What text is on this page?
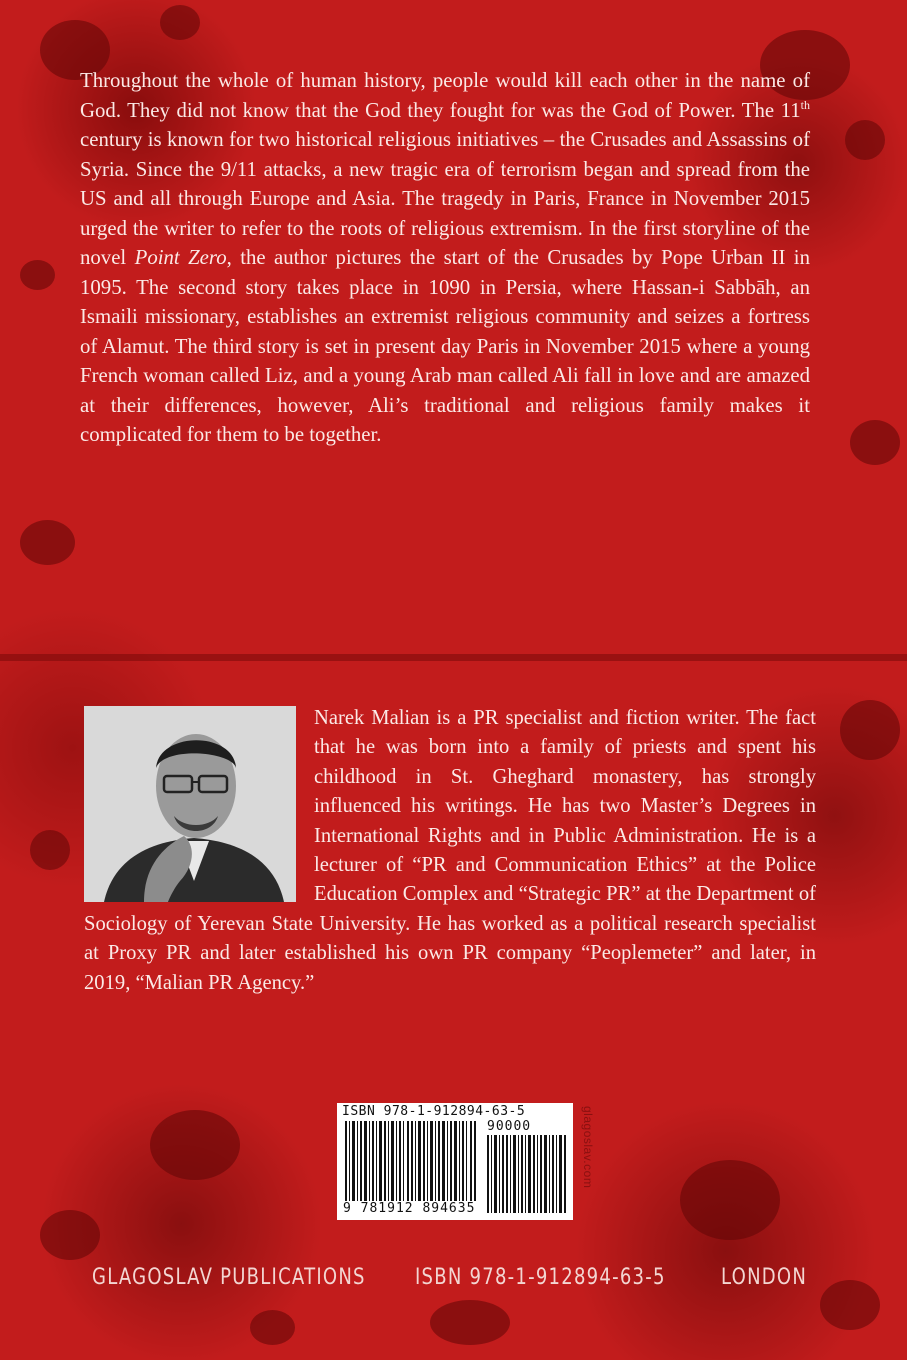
Throughout the whole of human history, people would kill each other in the name of God. They did not know that the God they fought for was the God of Power. The 11th century is known for two historical religious initiatives – the Crusades and Assassins of Syria. Since the 9/11 attacks, a new tragic era of terrorism began and spread from the US and all through Europe and Asia. The tragedy in Paris, France in November 2015 urged the writer to refer to the roots of religious extremism. In the first storyline of the novel Point Zero, the author pictures the start of the Crusades by Pope Urban II in 1095. The second story takes place in 1090 in Persia, where Hassan-i Sabbāh, an Ismaili missionary, establishes an extremist religious community and seizes a fortress of Alamut. The third story is set in present day Paris in November 2015 where a young French woman called Liz, and a young Arab man called Ali fall in love and are amazed at their differences, however, Ali’s traditional and religious family makes it complicated for them to be together.
Narek Malian is a PR specialist and fiction writer. The fact that he was born into a family of priests and spent his childhood in St. Gheghard monastery, has strongly influenced his writings. He has two Master’s Degrees in International Rights and in Public Administration. He is a lecturer of “PR and Communication Ethics” at the Police Education Complex and “Strategic PR” at the Department of Sociology of Yerevan State University. He has worked as a political research specialist at Proxy PR and later established his own PR company “Peoplemeter” and later, in 2019, “Malian PR Agency.”
ISBN 978-1-912894-63-5
90000
9 781912 894635
glagoslav.com
GLAGOSLAV PUBLICATIONS ISBN 978-1-912894-63-5	LONDON
